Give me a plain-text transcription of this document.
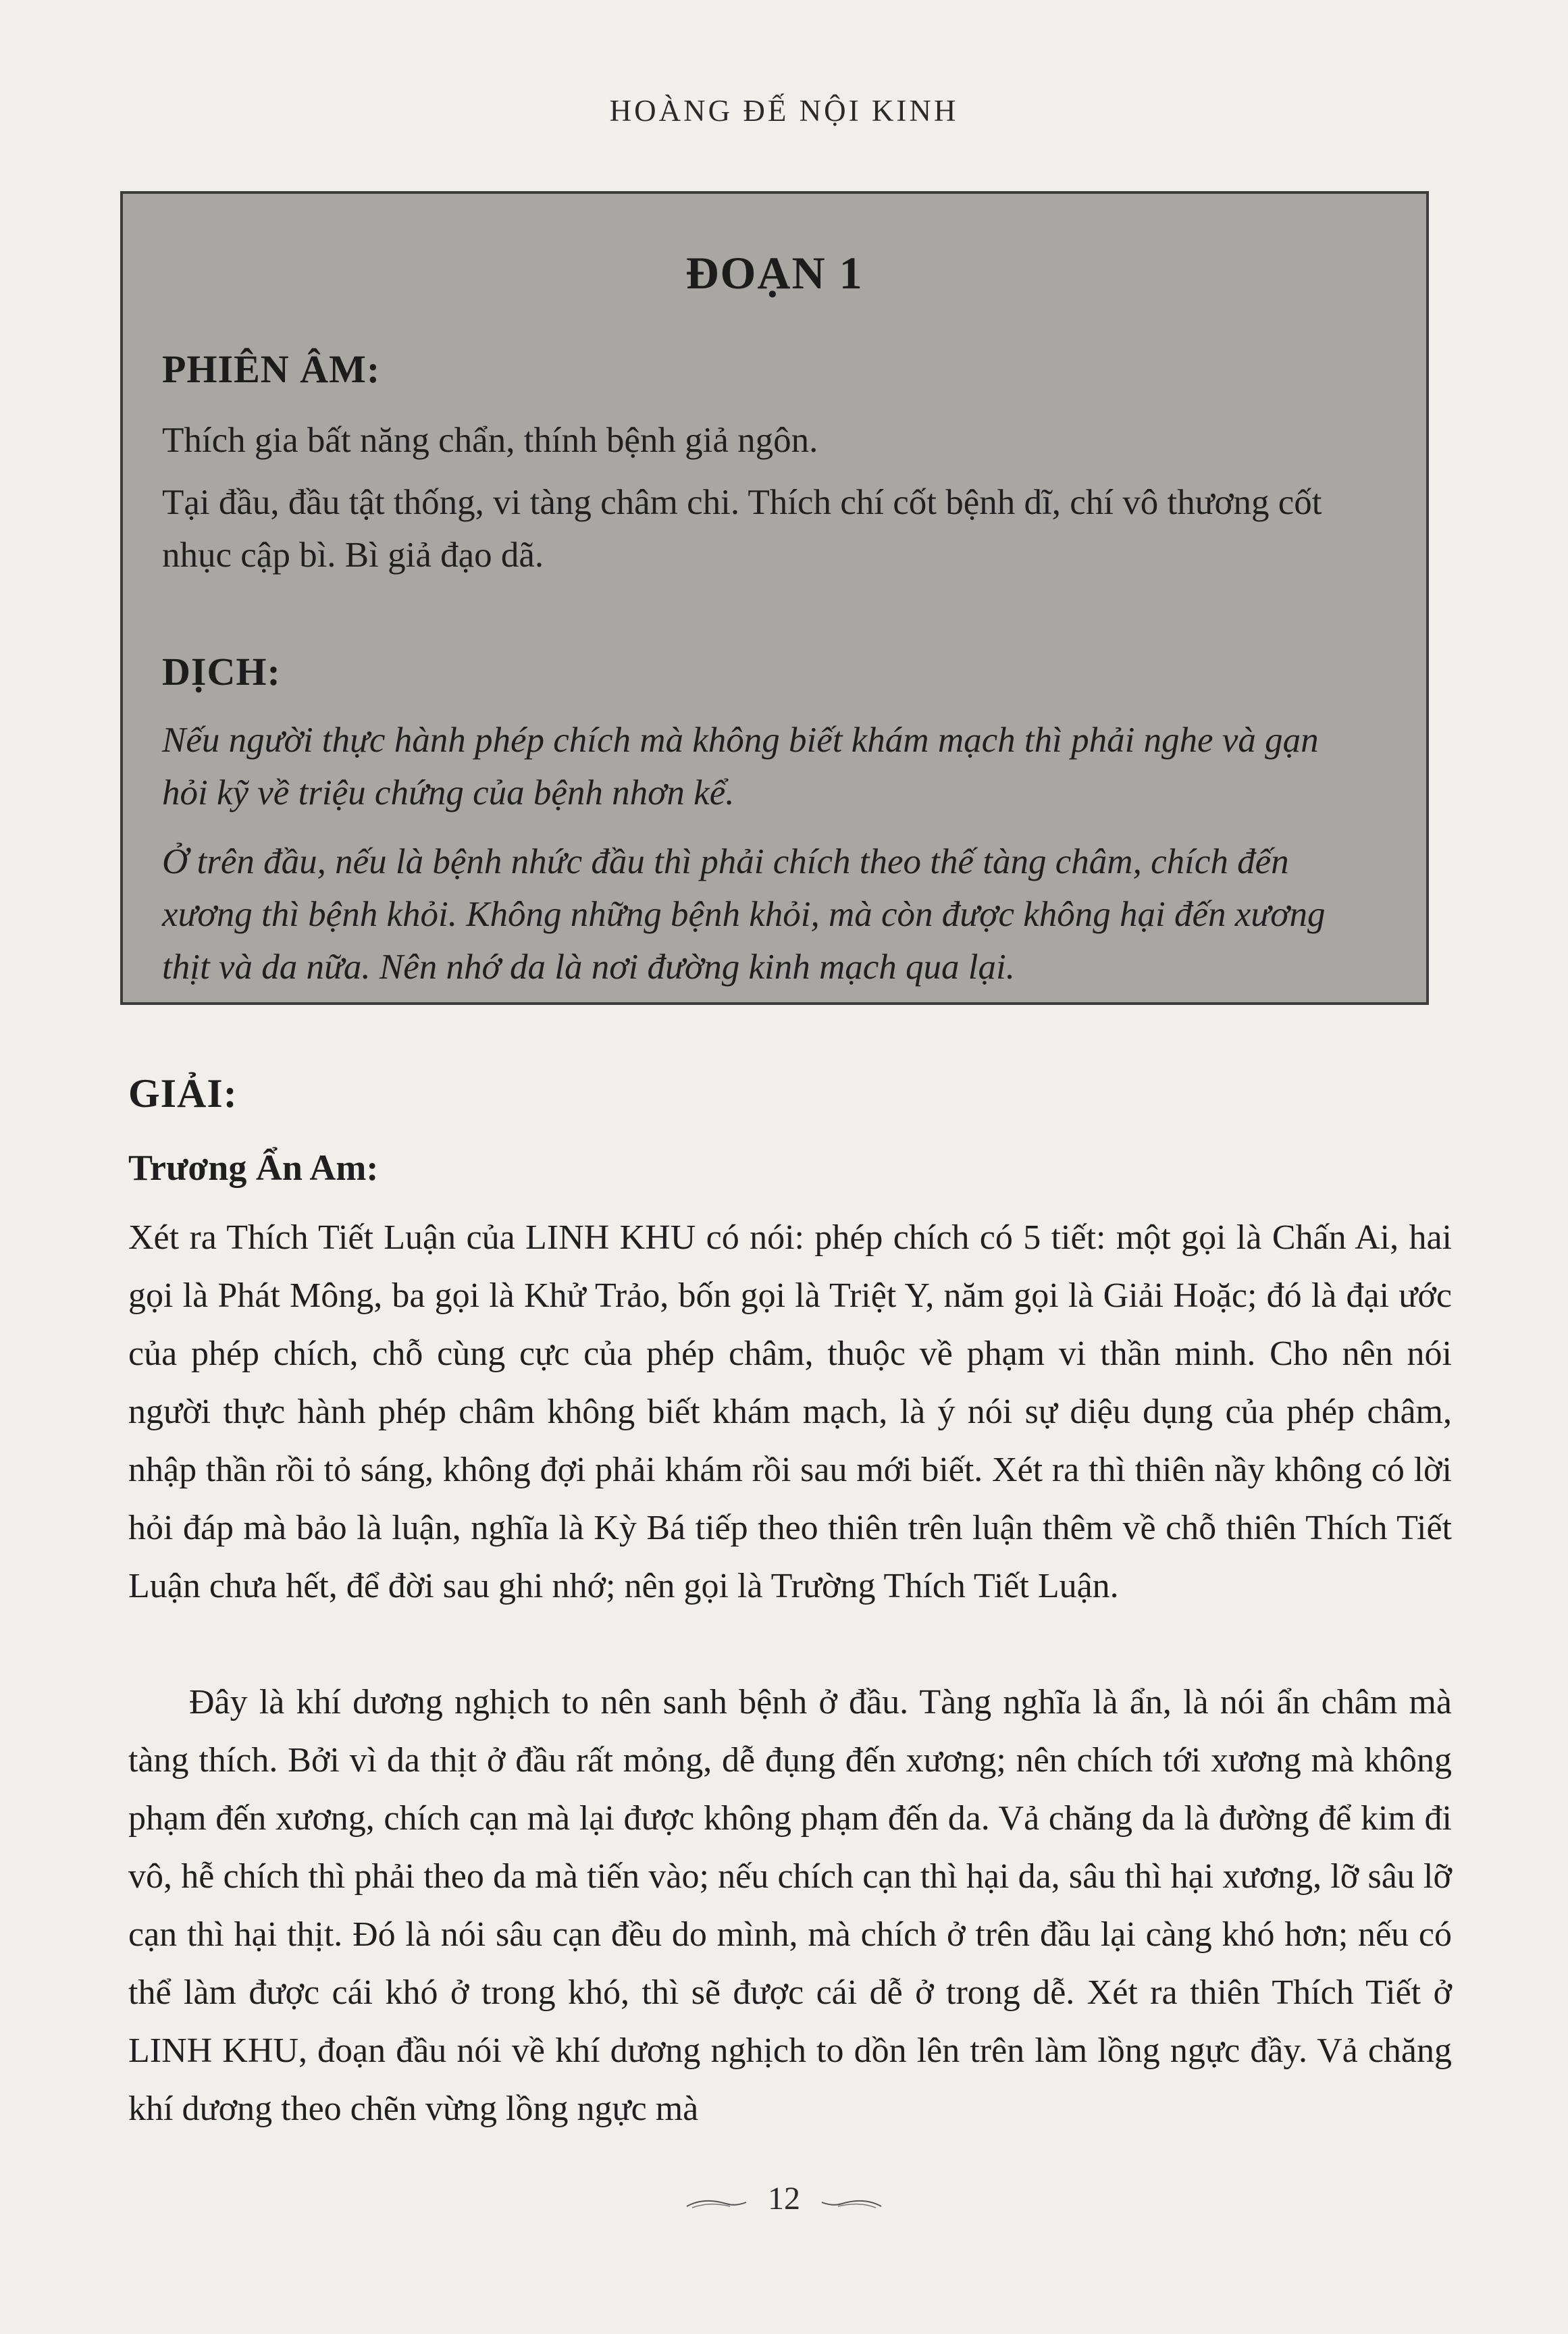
HOÀNG ĐẾ NỘI KINH
ĐOẠN 1
PHIÊN ÂM:
Thích gia bất năng chẩn, thính bệnh giả ngôn.
Tại đầu, đầu tật thống, vi tàng châm chi. Thích chí cốt bệnh dĩ, chí vô thương cốt nhục cập bì. Bì giả đạo dã.
DỊCH:
Nếu người thực hành phép chích mà không biết khám mạch thì phải nghe và gạn hỏi kỹ về triệu chứng của bệnh nhơn kể.
Ở trên đầu, nếu là bệnh nhức đầu thì phải chích theo thế tàng châm, chích đến xương thì bệnh khỏi. Không những bệnh khỏi, mà còn được không hại đến xương thịt và da nữa. Nên nhớ da là nơi đường kinh mạch qua lại.
GIẢI:
Trương Ẩn Am:

Xét ra Thích Tiết Luận của LINH KHU có nói: phép chích có 5 tiết: một gọi là Chấn Ai, hai gọi là Phát Mông, ba gọi là Khử Trảo, bốn gọi là Triệt Y, năm gọi là Giải Hoặc; đó là đại ước của phép chích, chỗ cùng cực của phép châm, thuộc về phạm vi thần minh. Cho nên nói người thực hành phép châm không biết khám mạch, là ý nói sự diệu dụng của phép châm, nhập thần rồi tỏ sáng, không đợi phải khám rồi sau mới biết. Xét ra thì thiên nầy không có lời hỏi đáp mà bảo là luận, nghĩa là Kỳ Bá tiếp theo thiên trên luận thêm về chỗ thiên Thích Tiết Luận chưa hết, để đời sau ghi nhớ; nên gọi là Trường Thích Tiết Luận.

Đây là khí dương nghịch to nên sanh bệnh ở đầu. Tàng nghĩa là ẩn, là nói ẩn châm mà tàng thích. Bởi vì da thịt ở đầu rất mỏng, dễ đụng đến xương; nên chích tới xương mà không phạm đến xương, chích cạn mà lại được không phạm đến da. Vả chăng da là đường để kim đi vô, hễ chích thì phải theo da mà tiến vào; nếu chích cạn thì hại da, sâu thì hại xương, lỡ sâu lỡ cạn thì hại thịt. Đó là nói sâu cạn đều do mình, mà chích ở trên đầu lại càng khó hơn; nếu có thể làm được cái khó ở trong khó, thì sẽ được cái dễ ở trong dễ. Xét ra thiên Thích Tiết ở LINH KHU, đoạn đầu nói về khí dương nghịch to dồn lên trên làm lồng ngực đầy. Vả chăng khí dương theo chẽn vừng lồng ngực mà

12
